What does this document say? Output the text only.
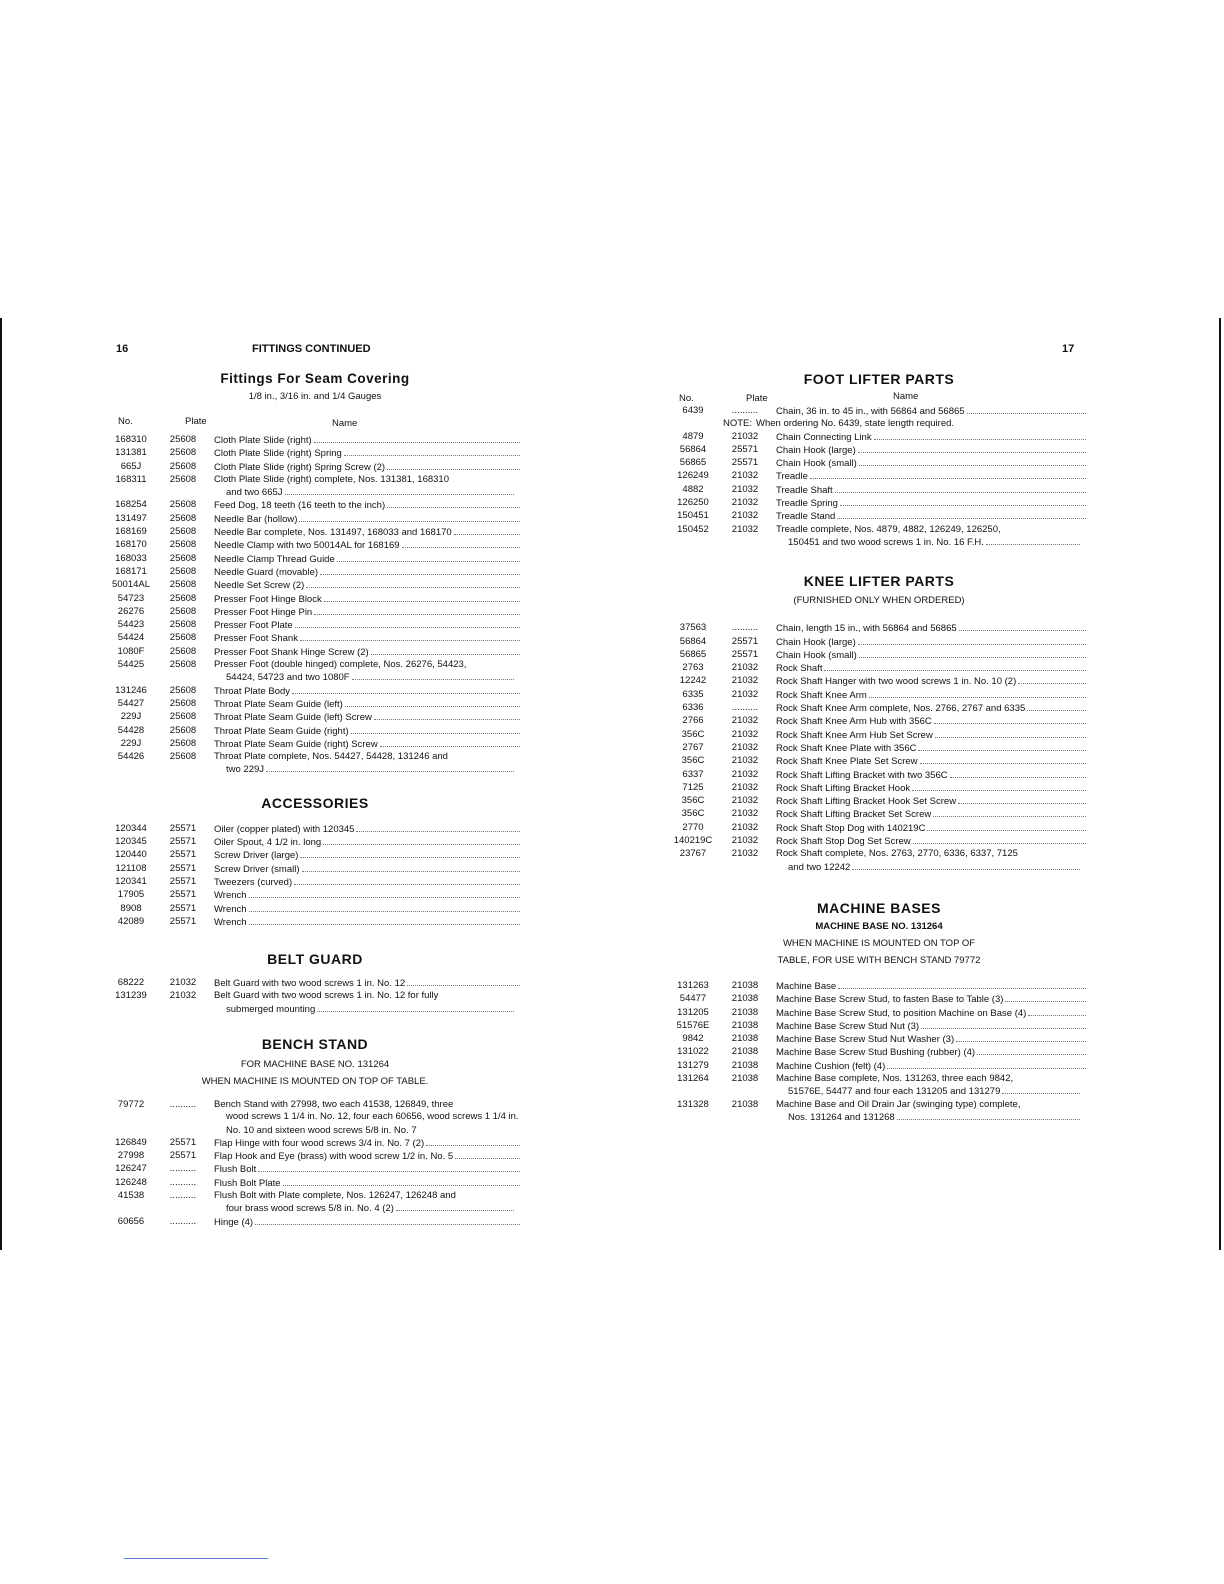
16	FITTINGS CONTINUED

Fittings For Seam Covering

1/8 in., 3/16 in. and 1/4 Gauges

No.	Plate	Name
168310	25608	Cloth Plate Slide (right)
131381	25608	Cloth Plate Slide (right) Spring
665J	25608	Cloth Plate Slide (right) Spring Screw (2)
168311	25608	Cloth Plate Slide (right) complete, Nos. 131381, 168310
and two 665J
168254	25608	Feed Dog, 18 teeth (16 teeth to the inch)
131497	25608	Needle Bar (hollow)
168169	25608	Needle Bar complete, Nos. 131497, 168033 and 168170
168170	25608	Needle Clamp with two 50014AL for 168169
168033	25608	Needle Clamp Thread Guide
168171	25608	Needle Guard (movable)
50014AL	25608	Needle Set Screw (2)
54723	25608	Presser Foot Hinge Block
26276	25608	Presser Foot Hinge Pin
54423	25608	Presser Foot Plate
54424	25608	Presser Foot Shank
1080F	25608	Presser Foot Shank Hinge Screw (2)
54425	25608	Presser Foot (double hinged) complete, Nos. 26276, 54423,
54424, 54723 and two 1080F
131246	25608	Throat Plate Body
54427	25608	Throat Plate Seam Guide (left)
229J	25608	Throat Plate Seam Guide (left) Screw
54428	25608	Throat Plate Seam Guide (right)
229J	25608	Throat Plate Seam Guide (right) Screw
54426	25608	Throat Plate complete, Nos. 54427, 54428, 131246 and
two 229J

ACCESSORIES

120344	25571	Oiler (copper plated) with 120345
120345	25571	Oiler Spout, 4 1/2 in. long
120440	25571	Screw Driver (large)
121108	25571	Screw Driver (small)
120341	25571	Tweezers (curved)
17905	25571	Wrench
8908	25571	Wrench
42089	25571	Wrench

BELT GUARD

68222	21032	Belt Guard with two wood screws 1 in. No. 12
131239	21032	Belt Guard with two wood screws 1 in. No. 12 for fully
submerged mounting

BENCH STAND

FOR MACHINE BASE NO. 131264

WHEN MACHINE IS MOUNTED ON TOP OF TABLE.

79772	..........	Bench Stand with 27998, two each 41538, 126849, three
wood screws 1 1/4 in. No. 12, four each 60656, wood screws 1 1/4 in. No. 10 and sixteen wood screws 5/8 in. No. 7
126849	25571	Flap Hinge with four wood screws 3/4 in. No. 7 (2)
27998	25571	Flap Hook and Eye (brass) with wood screw 1/2 in. No. 5
126247	..........	Flush Bolt
126248	..........	Flush Bolt Plate
41538	..........	Flush Bolt with Plate complete, Nos. 126247, 126248 and
four brass wood screws 5/8 in. No. 4 (2)
60656	..........	Hinge (4)
17

FOOT LIFTER PARTS

No.	Plate	Name
6439	..........	Chain, 36 in. to 45 in., with 56864 and 56865
NOTE: When ordering No. 6439, state length required.
4879	21032	Chain Connecting Link
56864	25571	Chain Hook (large)
56865	25571	Chain Hook (small)
126249	21032	Treadle
4882	21032	Treadle Shaft
126250	21032	Treadle Spring
150451	21032	Treadle Stand
150452	21032	Treadle complete, Nos. 4879, 4882, 126249, 126250,
150451 and two wood screws 1 in. No. 16 F.H.

KNEE LIFTER PARTS

(FURNISHED ONLY WHEN ORDERED)

37563	..........	Chain, length 15 in., with 56864 and 56865
56864	25571	Chain Hook (large)
56865	25571	Chain Hook (small)
2763	21032	Rock Shaft
12242	21032	Rock Shaft Hanger with two wood screws 1 in. No. 10 (2)
6335	21032	Rock Shaft Knee Arm
6336	..........	Rock Shaft Knee Arm complete, Nos. 2766, 2767 and 6335
2766	21032	Rock Shaft Knee Arm Hub with 356C
356C	21032	Rock Shaft Knee Arm Hub Set Screw
2767	21032	Rock Shaft Knee Plate with 356C
356C	21032	Rock Shaft Knee Plate Set Screw
6337	21032	Rock Shaft Lifting Bracket with two 356C
7125	21032	Rock Shaft Lifting Bracket Hook
356C	21032	Rock Shaft Lifting Bracket Hook Set Screw
356C	21032	Rock Shaft Lifting Bracket Set Screw
2770	21032	Rock Shaft Stop Dog with 140219C
140219C	21032	Rock Shaft Stop Dog Set Screw
23767	21032	Rock Shaft complete, Nos. 2763, 2770, 6336, 6337, 7125
and two 12242

MACHINE BASES

MACHINE BASE NO. 131264

WHEN MACHINE IS MOUNTED ON TOP OF

TABLE, FOR USE WITH BENCH STAND 79772

131263	21038	Machine Base
54477	21038	Machine Base Screw Stud, to fasten Base to Table (3)
131205	21038	Machine Base Screw Stud, to position Machine on Base (4)
51576E	21038	Machine Base Screw Stud Nut (3)
9842	21038	Machine Base Screw Stud Nut Washer (3)
131022	21038	Machine Base Screw Stud Bushing (rubber) (4)
131279	21038	Machine Cushion (felt) (4)
131264	21038	Machine Base complete, Nos. 131263, three each 9842,
51576E, 54477 and four each 131205 and 131279
131328	21038	Machine Base and Oil Drain Jar (swinging type) complete,
Nos. 131264 and 131268
